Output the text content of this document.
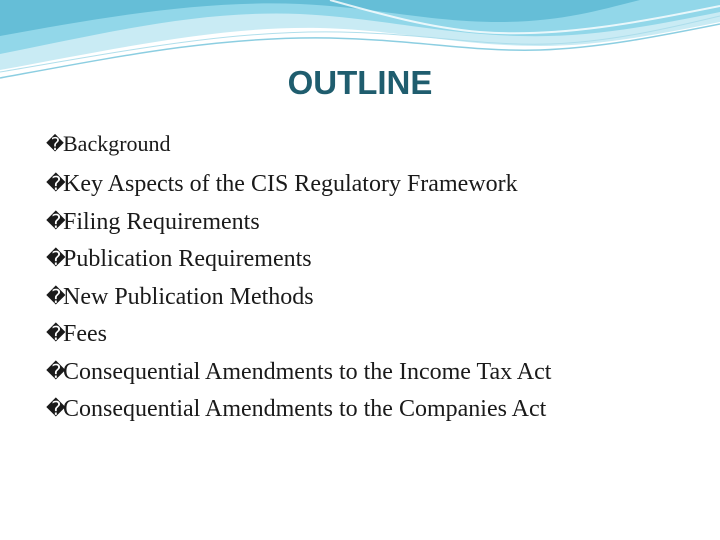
OUTLINE
�
Background
�
Key Aspects of the CIS Regulatory Framework
�
Filing Requirements
�
Publication Requirements
�
New Publication Methods
�
Fees
�
Consequential Amendments to the Income Tax Act
�
Consequential Amendments to the Companies Act
